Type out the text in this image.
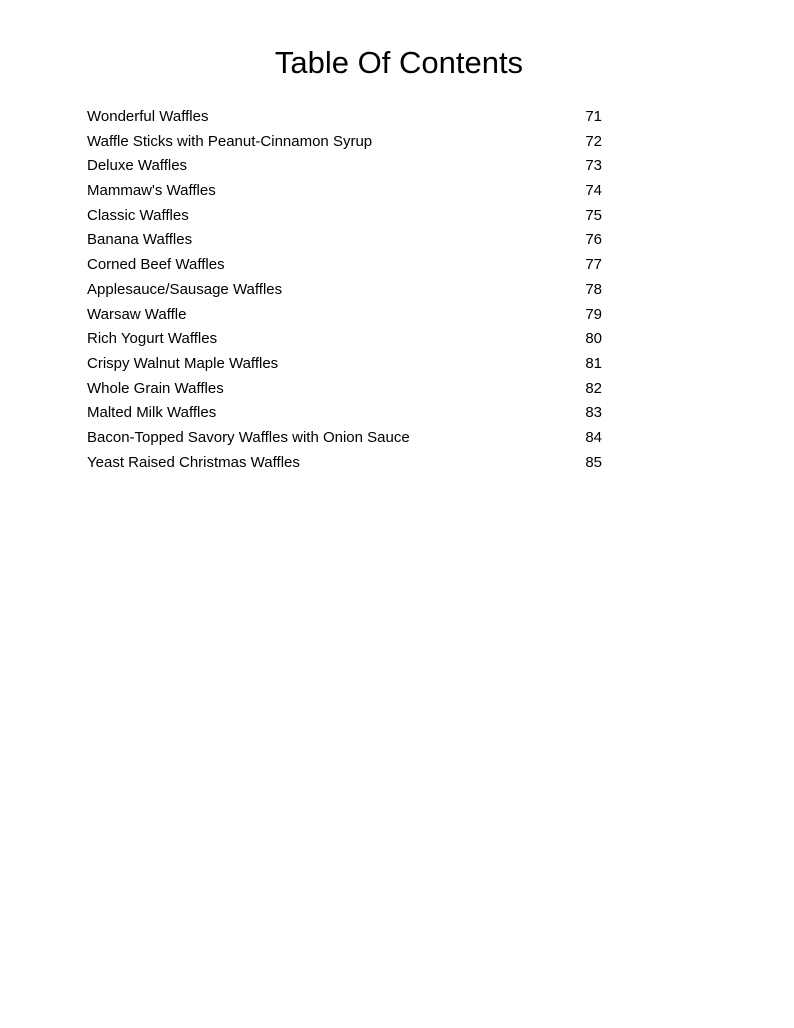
Table Of Contents
Wonderful Waffles	71
Waffle Sticks with Peanut-Cinnamon Syrup	72
Deluxe Waffles	73
Mammaw's Waffles	74
Classic Waffles	75
Banana Waffles	76
Corned Beef Waffles	77
Applesauce/Sausage Waffles	78
Warsaw Waffle	79
Rich Yogurt Waffles	80
Crispy Walnut Maple Waffles	81
Whole Grain Waffles	82
Malted Milk Waffles	83
Bacon-Topped Savory Waffles with Onion Sauce	84
Yeast Raised Christmas Waffles	85
